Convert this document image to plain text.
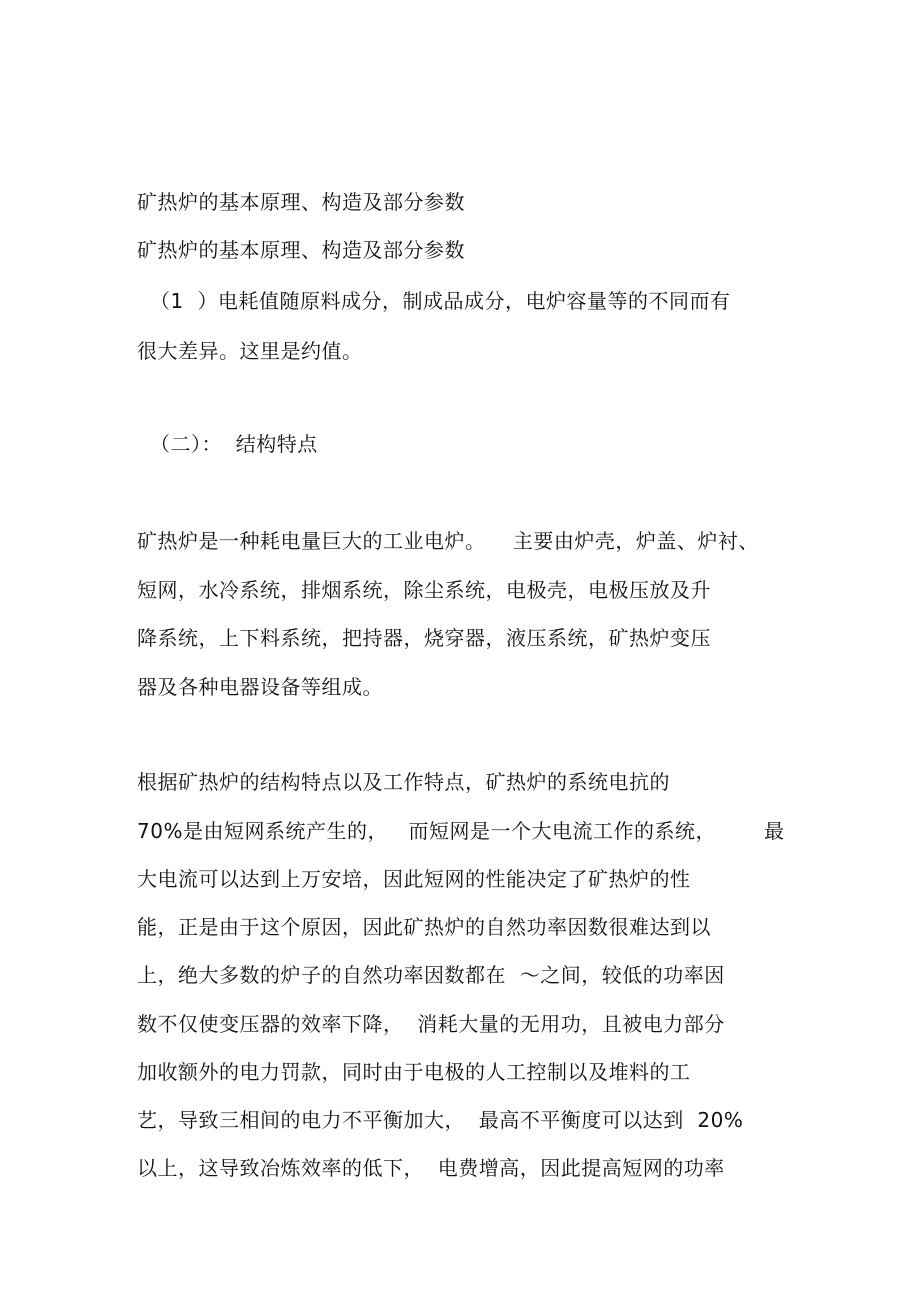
矿热炉的基本原理、构造及部分参数
矿热炉的基本原理、构造及部分参数
（1  ）电耗值随原料成分，制成品成分，电炉容量等的不同而有
很大差异。这里是约值。
（二）：  结构特点
矿热炉是一种耗电量巨大的工业电炉。    主要由炉壳，炉盖、炉衬、
短网，水冷系统，排烟系统，除尘系统，电极壳，电极压放及升
降系统，上下料系统，把持器，烧穿器，液压系统，矿热炉变压
器及各种电器设备等组成。
根据矿热炉的结构特点以及工作特点，矿热炉的系统电抗的
70%是由短网系统产生的，   而短网是一个大电流工作的系统，       最
大电流可以达到上万安培，因此短网的性能决定了矿热炉的性
能，正是由于这个原因，因此矿热炉的自然功率因数很难达到以
上，绝大多数的炉子的自然功率因数都在  ～之间，较低的功率因
数不仅使变压器的效率下降，  消耗大量的无用功，且被电力部分
加收额外的电力罚款，同时由于电极的人工控制以及堆料的工
艺，导致三相间的电力不平衡加大，  最高不平衡度可以达到  20%
以上，这导致冶炼效率的低下，  电费增高，因此提高短网的功率
